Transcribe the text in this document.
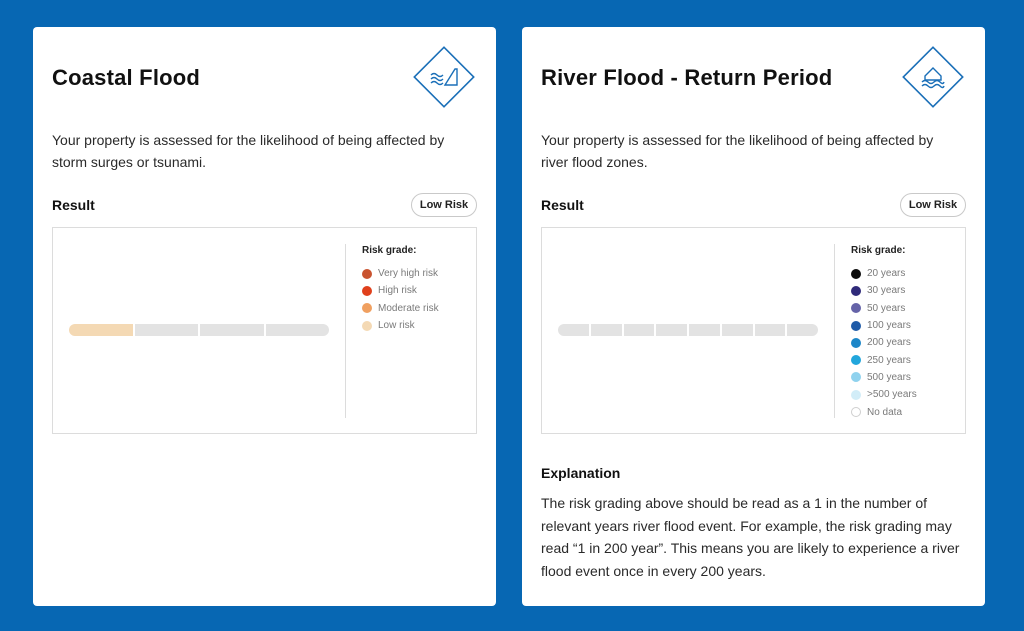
Coastal Flood

Your property is assessed for the likelihood of being affected by storm surges or tsunami.

Result	Low Risk
Risk grade:
Very high risk
High risk
Moderate risk
Low risk
River Flood - Return Period

Your property is assessed for the likelihood of being affected by river flood zones.

Result	Low Risk
Risk grade:
20 years
30 years
50 years
100 years
200 years
250 years
500 years
>500 years
No data
Explanation

The risk grading above should be read as a 1 in the number of relevant years river flood event. For example, the risk grading may read “1 in 200 year”. This means you are likely to experience a river flood event once in every 200 years.
